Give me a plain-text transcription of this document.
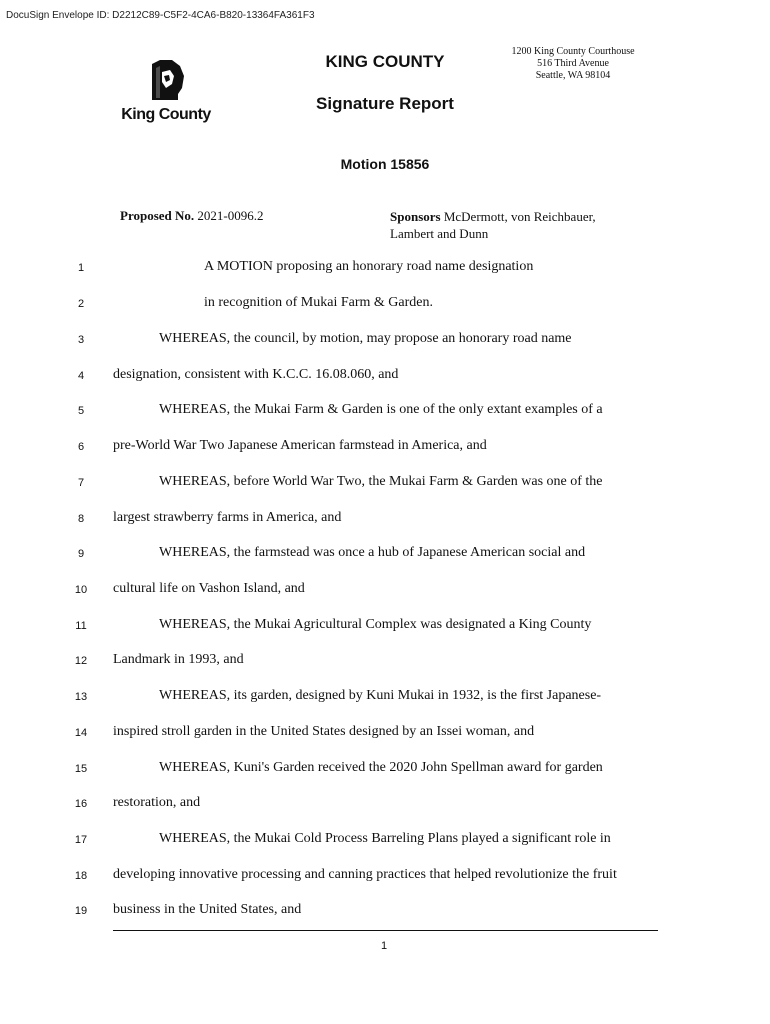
DocuSign Envelope ID: D2212C89-C5F2-4CA6-B820-13364FA361F3
King County
KING COUNTY
Signature Report
Motion 15856
1200 King County Courthouse
516 Third Avenue
Seattle, WA 98104
Proposed No. 2021-0096.2	Sponsors McDermott, von Reichbauer,
Lambert and Dunn
1	A MOTION proposing an honorary road name designation
2	in recognition of Mukai Farm & Garden.
3	WHEREAS, the council, by motion, may propose an honorary road name
4	designation, consistent with K.C.C. 16.08.060, and
5	WHEREAS, the Mukai Farm & Garden is one of the only extant examples of a
6	pre-World War Two Japanese American farmstead in America, and
7	WHEREAS, before World War Two, the Mukai Farm & Garden was one of the
8	largest strawberry farms in America, and
9	WHEREAS, the farmstead was once a hub of Japanese American social and
10	cultural life on Vashon Island, and
11	WHEREAS, the Mukai Agricultural Complex was designated a King County
12	Landmark in 1993, and
13	WHEREAS, its garden, designed by Kuni Mukai in 1932, is the first Japanese-
14	inspired stroll garden in the United States designed by an Issei woman, and
15	WHEREAS, Kuni's Garden received the 2020 John Spellman award for garden
16	restoration, and
17	WHEREAS, the Mukai Cold Process Barreling Plans played a significant role in
18	developing innovative processing and canning practices that helped revolutionize the fruit
19	business in the United States, and
1
